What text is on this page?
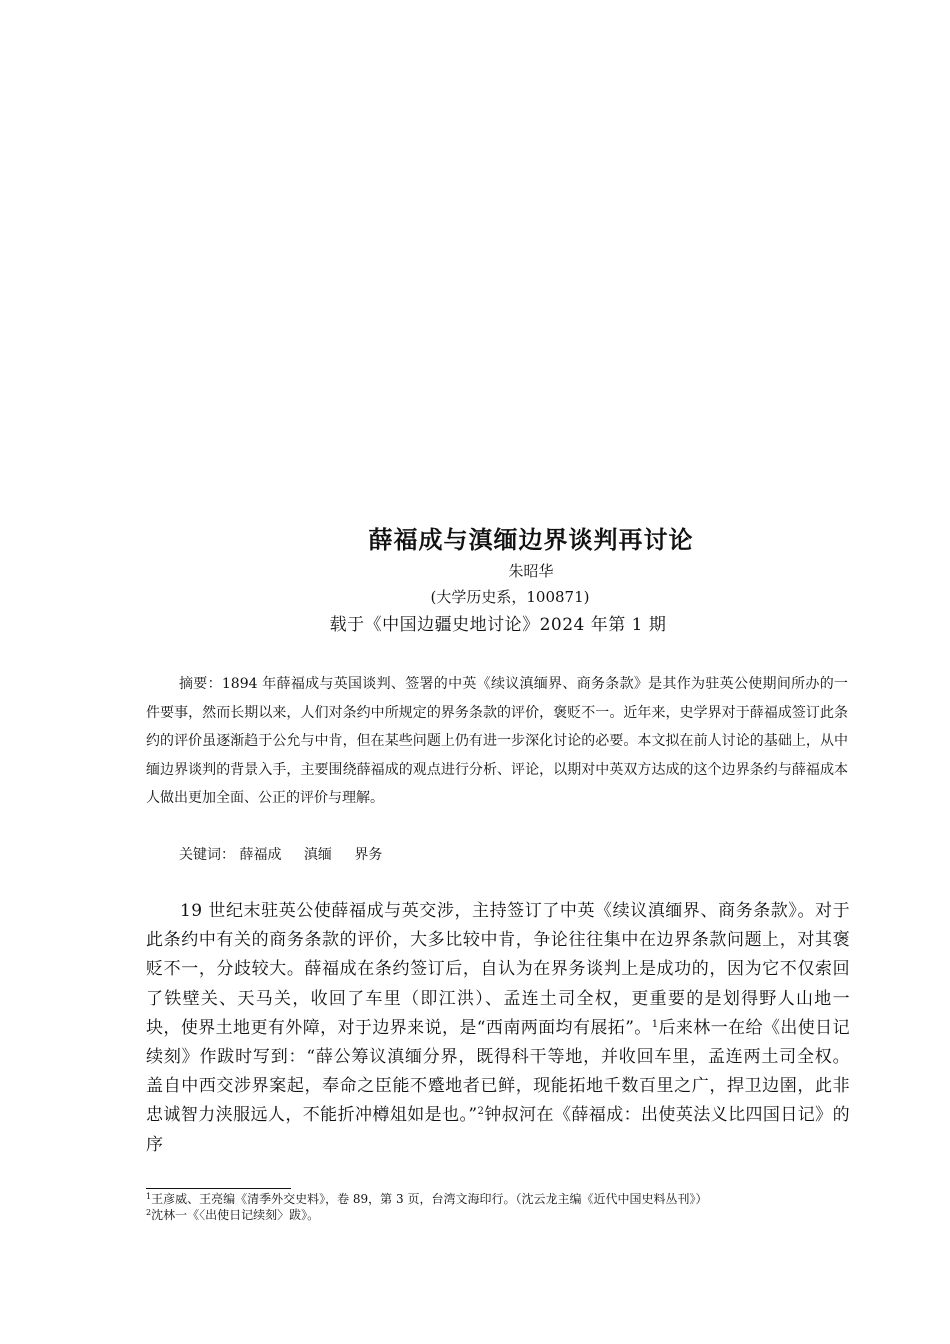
薛福成与滇缅边界谈判再讨论
朱昭华
(大学历史系，100871)
载于《中国边疆史地讨论》2024 年第 1 期
摘要：1894 年薛福成与英国谈判、签署的中英《续议滇缅界、商务条款》是其作为驻英公使期间所办的一件要事，然而长期以来，人们对条约中所规定的界务条款的评价，褒贬不一。近年来，史学界对于薛福成签订此条约的评价虽逐渐趋于公允与中肯，但在某些问题上仍有进一步深化讨论的必要。本文拟在前人讨论的基础上，从中缅边界谈判的背景入手，主要围绕薛福成的观点进行分析、评论，以期对中英双方达成的这个边界条约与薛福成本人做出更加全面、公正的评价与理解。
关键词： 薛福成 滇缅 界务
19 世纪末驻英公使薛福成与英交涉，主持签订了中英《续议滇缅界、商务条款》。对于此条约中有关的商务条款的评价，大多比较中肯，争论往往集中在边界条款问题上，对其褒贬不一，分歧较大。薛福成在条约签订后，自认为在界务谈判上是成功的，因为它不仅索回了铁壁关、天马关，收回了车里（即江洪）、孟连土司全权，更重要的是划得野人山地一块，使界土地更有外障，对于边界来说，是“西南两面均有展拓”。$^1$后来林一在给《出使日记续刻》作跋时写到：“薛公筹议滇缅分界，既得科干等地，并收回车里，孟连两土司全权。盖自中西交涉界案起，奉命之臣能不蹙地者已鲜，现能拓地千数百里之广，捍卫边圉，此非忠诚智力浃服远人，不能折冲樽俎如是也。”$^2$钟叔河在《薛福成：出使英法义比四国日记》的序
$^1$王彦威、王亮编《清季外交史料》，卷 89，第 3 页，台湾文海印行。（沈云龙主编《近代中国史料丛刊》）
$^2$沈林一《〈出使日记续刻〉跋》。
